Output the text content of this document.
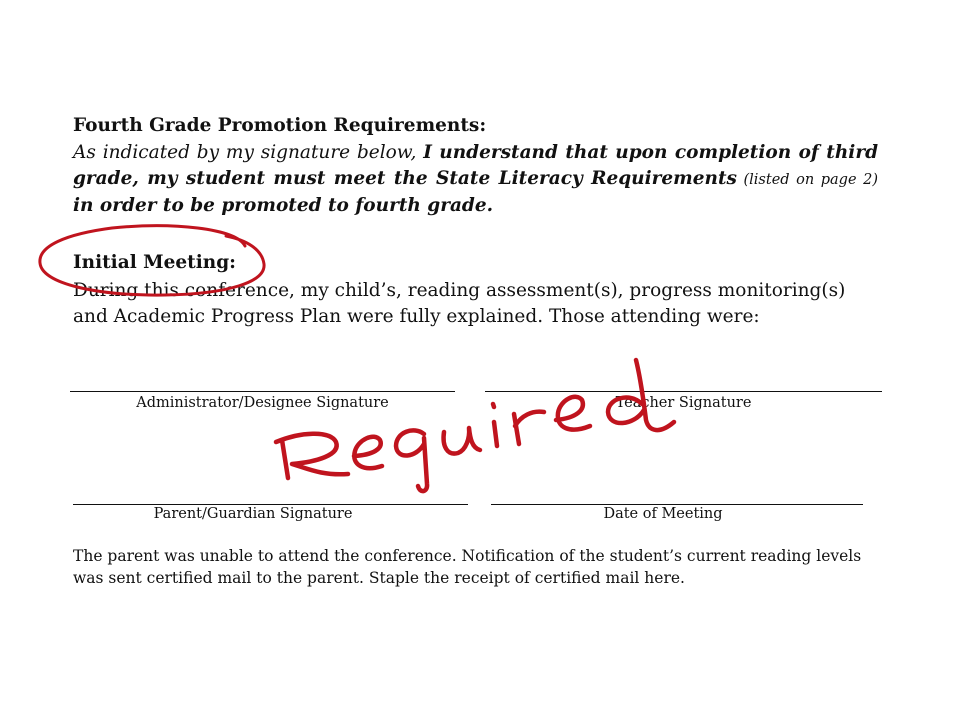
Fourth Grade Promotion Requirements:

As indicated by my signature below, I understand that upon completion of third grade, my student must meet the State Literacy Requirements (listed on page 2) in order to be promoted to fourth grade.

Initial Meeting:

During this conference, my child’s, reading assessment(s), progress monitoring(s) and Academic Progress Plan were fully explained. Those attending were:

Administrator/Designee Signature	Teacher Signature
Parent/Guardian Signature	Date of Meeting

The parent was unable to attend the conference. Notification of the student’s current reading levels was sent certified mail to the parent. Staple the receipt of certified mail here.
